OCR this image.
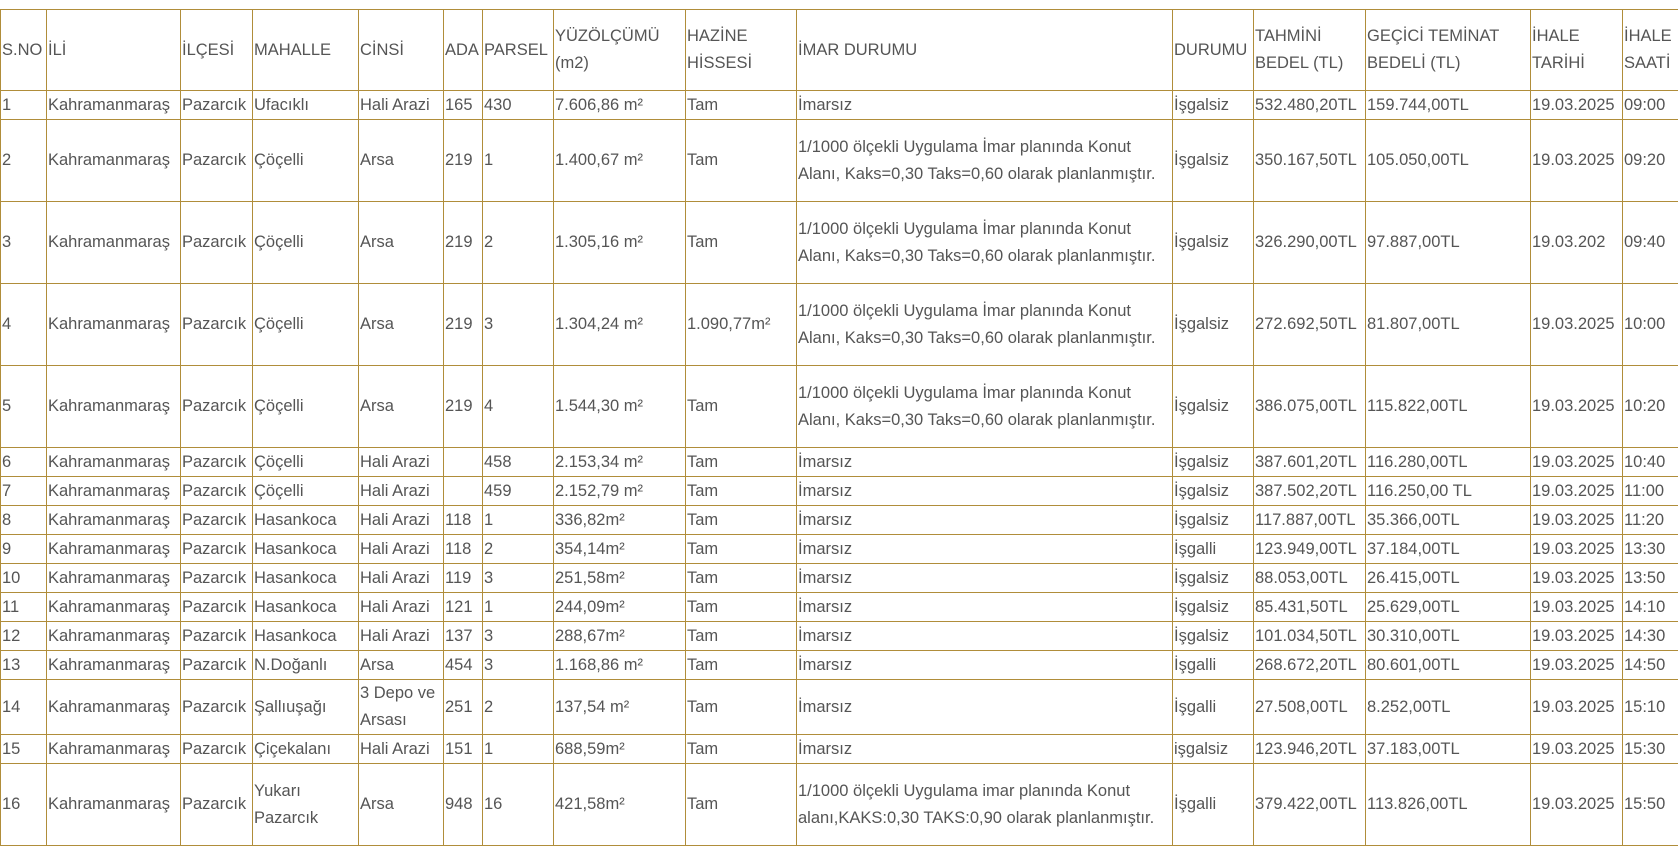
S.NO	İLİ	İLÇESİ	MAHALLE	CİNSİ	ADA	PARSEL	YÜZÖLÇÜMÜ (m2)	HAZİNE HİSSESİ	İMAR DURUMU	DURUMU	TAHMİNİ BEDEL (TL)	GEÇİCİ TEMİNAT BEDELİ (TL)	İHALE TARİHİ	İHALE SAATİ
1	Kahramanmaraş	Pazarcık	Ufacıklı	Hali Arazi	165	430	7.606,86 m²	Tam	İmarsız	İşgalsiz	532.480,20TL	159.744,00TL	19.03.2025	09:00
2	Kahramanmaraş	Pazarcık	Çöçelli	Arsa	219	1	1.400,67 m²	Tam	1/1000 ölçekli Uygulama İmar planında Konut Alanı, Kaks=0,30 Taks=0,60 olarak planlanmıştır.	İşgalsiz	350.167,50TL	105.050,00TL	19.03.2025	09:20
3	Kahramanmaraş	Pazarcık	Çöçelli	Arsa	219	2	1.305,16 m²	Tam	1/1000 ölçekli Uygulama İmar planında Konut Alanı, Kaks=0,30 Taks=0,60 olarak planlanmıştır.	İşgalsiz	326.290,00TL	97.887,00TL	19.03.202	09:40
4	Kahramanmaraş	Pazarcık	Çöçelli	Arsa	219	3	1.304,24 m²	1.090,77m²	1/1000 ölçekli Uygulama İmar planında Konut Alanı, Kaks=0,30 Taks=0,60 olarak planlanmıştır.	İşgalsiz	272.692,50TL	81.807,00TL	19.03.2025	10:00
5	Kahramanmaraş	Pazarcık	Çöçelli	Arsa	219	4	1.544,30 m²	Tam	1/1000 ölçekli Uygulama İmar planında Konut Alanı, Kaks=0,30 Taks=0,60 olarak planlanmıştır.	İşgalsiz	386.075,00TL	115.822,00TL	19.03.2025	10:20
6	Kahramanmaraş	Pazarcık	Çöçelli	Hali Arazi		458	2.153,34 m²	Tam	İmarsız	İşgalsiz	387.601,20TL	116.280,00TL	19.03.2025	10:40
7	Kahramanmaraş	Pazarcık	Çöçelli	Hali Arazi		459	2.152,79 m²	Tam	İmarsız	İşgalsiz	387.502,20TL	116.250,00 TL	19.03.2025	11:00
8	Kahramanmaraş	Pazarcık	Hasankoca	Hali Arazi	118	1	336,82m²	Tam	İmarsız	İşgalsiz	117.887,00TL	35.366,00TL	19.03.2025	11:20
9	Kahramanmaraş	Pazarcık	Hasankoca	Hali Arazi	118	2	354,14m²	Tam	İmarsız	İşgalli	123.949,00TL	37.184,00TL	19.03.2025	13:30
10	Kahramanmaraş	Pazarcık	Hasankoca	Hali Arazi	119	3	251,58m²	Tam	İmarsız	İşgalsiz	88.053,00TL	26.415,00TL	19.03.2025	13:50
11	Kahramanmaraş	Pazarcık	Hasankoca	Hali Arazi	121	1	244,09m²	Tam	İmarsız	İşgalsiz	85.431,50TL	25.629,00TL	19.03.2025	14:10
12	Kahramanmaraş	Pazarcık	Hasankoca	Hali Arazi	137	3	288,67m²	Tam	İmarsız	İşgalsiz	101.034,50TL	30.310,00TL	19.03.2025	14:30
13	Kahramanmaraş	Pazarcık	N.Doğanlı	Arsa	454	3	1.168,86 m²	Tam	İmarsız	İşgalli	268.672,20TL	80.601,00TL	19.03.2025	14:50
14	Kahramanmaraş	Pazarcık	Şallıuşağı	3 Depo ve Arsası	251	2	137,54 m²	Tam	İmarsız	İşgalli	27.508,00TL	8.252,00TL	19.03.2025	15:10
15	Kahramanmaraş	Pazarcık	Çiçekalanı	Hali Arazi	151	1	688,59m²	Tam	İmarsız	işgalsiz	123.946,20TL	37.183,00TL	19.03.2025	15:30
16	Kahramanmaraş	Pazarcık	Yukarı Pazarcık	Arsa	948	16	421,58m²	Tam	1/1000 ölçekli Uygulama imar planında Konut alanı,KAKS:0,30 TAKS:0,90 olarak planlanmıştır.	İşgalli	379.422,00TL	113.826,00TL	19.03.2025	15:50
